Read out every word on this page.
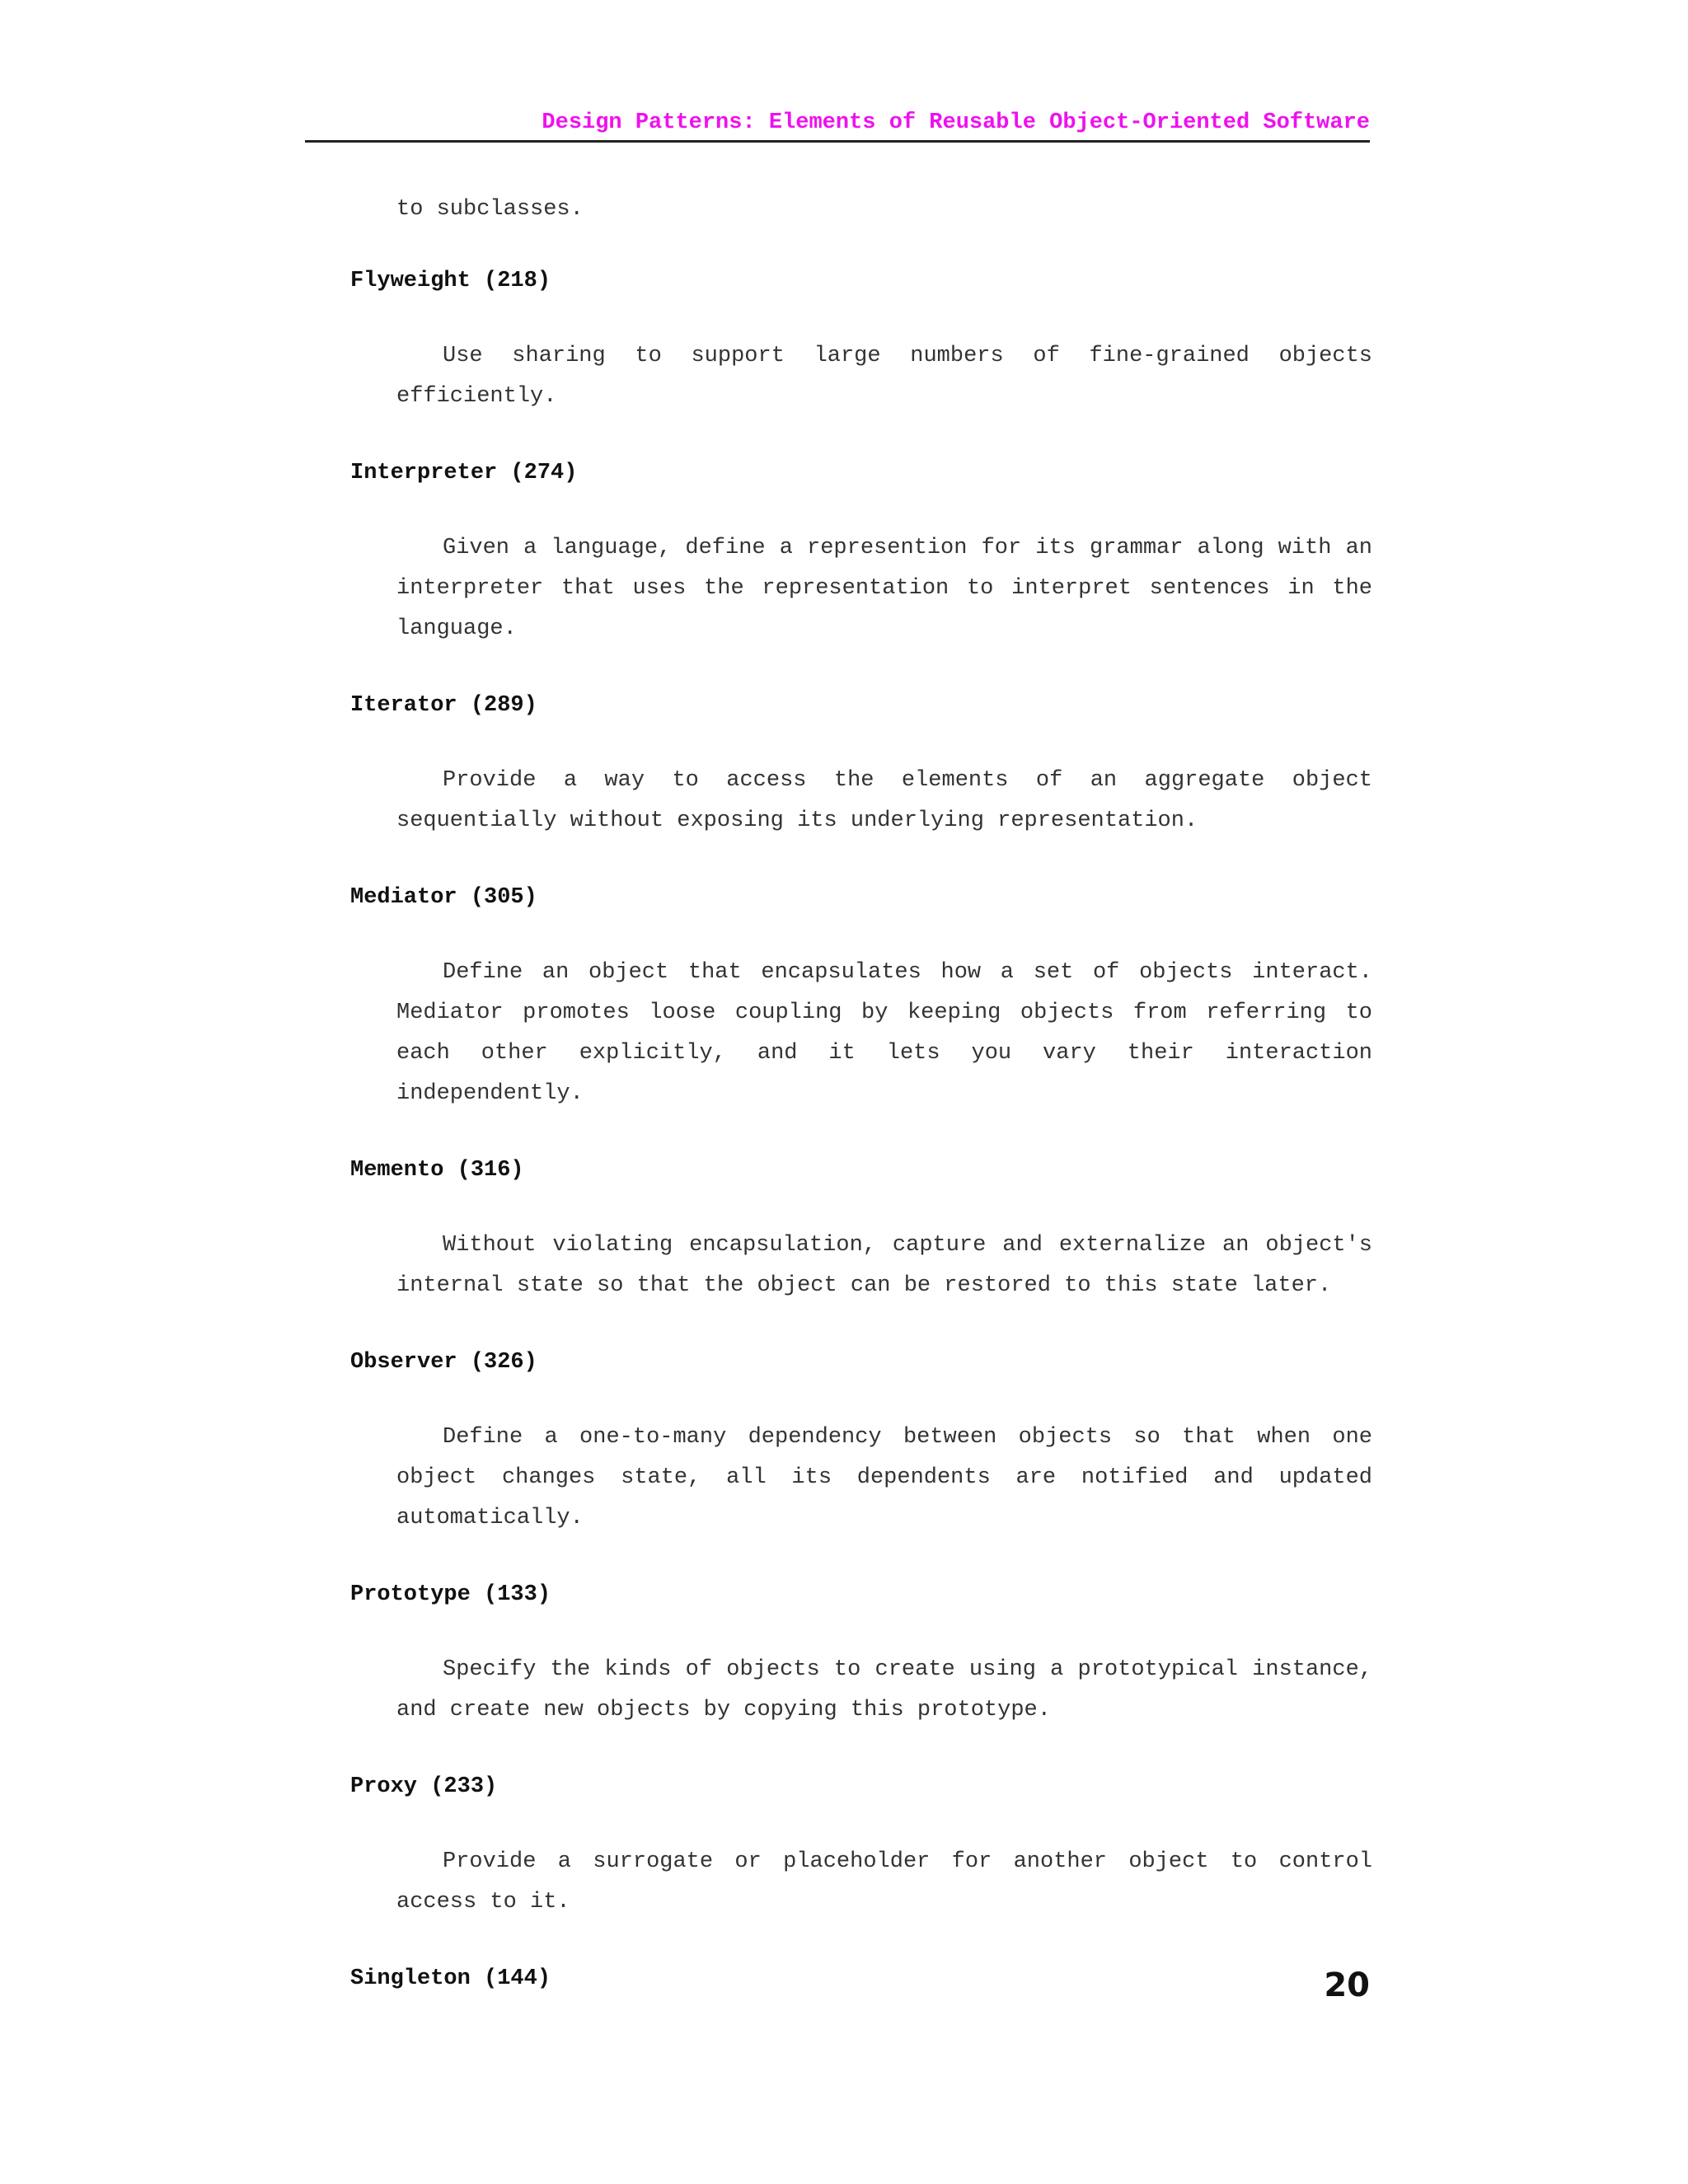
Design Patterns: Elements of Reusable Object-Oriented Software

to subclasses.

Flyweight (218)

Use sharing to support large numbers of fine-grained objects efficiently.

Interpreter (274)

Given a language, define a represention for its grammar along with an interpreter that uses the representation to interpret sentences in the language.

Iterator (289)

Provide a way to access the elements of an aggregate object sequentially without exposing its underlying representation.

Mediator (305)

Define an object that encapsulates how a set of objects interact. Mediator promotes loose coupling by keeping objects from referring to each other explicitly, and it lets you vary their interaction independently.

Memento (316)

Without violating encapsulation, capture and externalize an object's internal state so that the object can be restored to this state later.

Observer (326)

Define a one-to-many dependency between objects so that when one object changes state, all its dependents are notified and updated automatically.

Prototype (133)

Specify the kinds of objects to create using a prototypical instance, and create new objects by copying this prototype.

Proxy (233)

Provide a surrogate or placeholder for another object to control access to it.

Singleton (144)	20
